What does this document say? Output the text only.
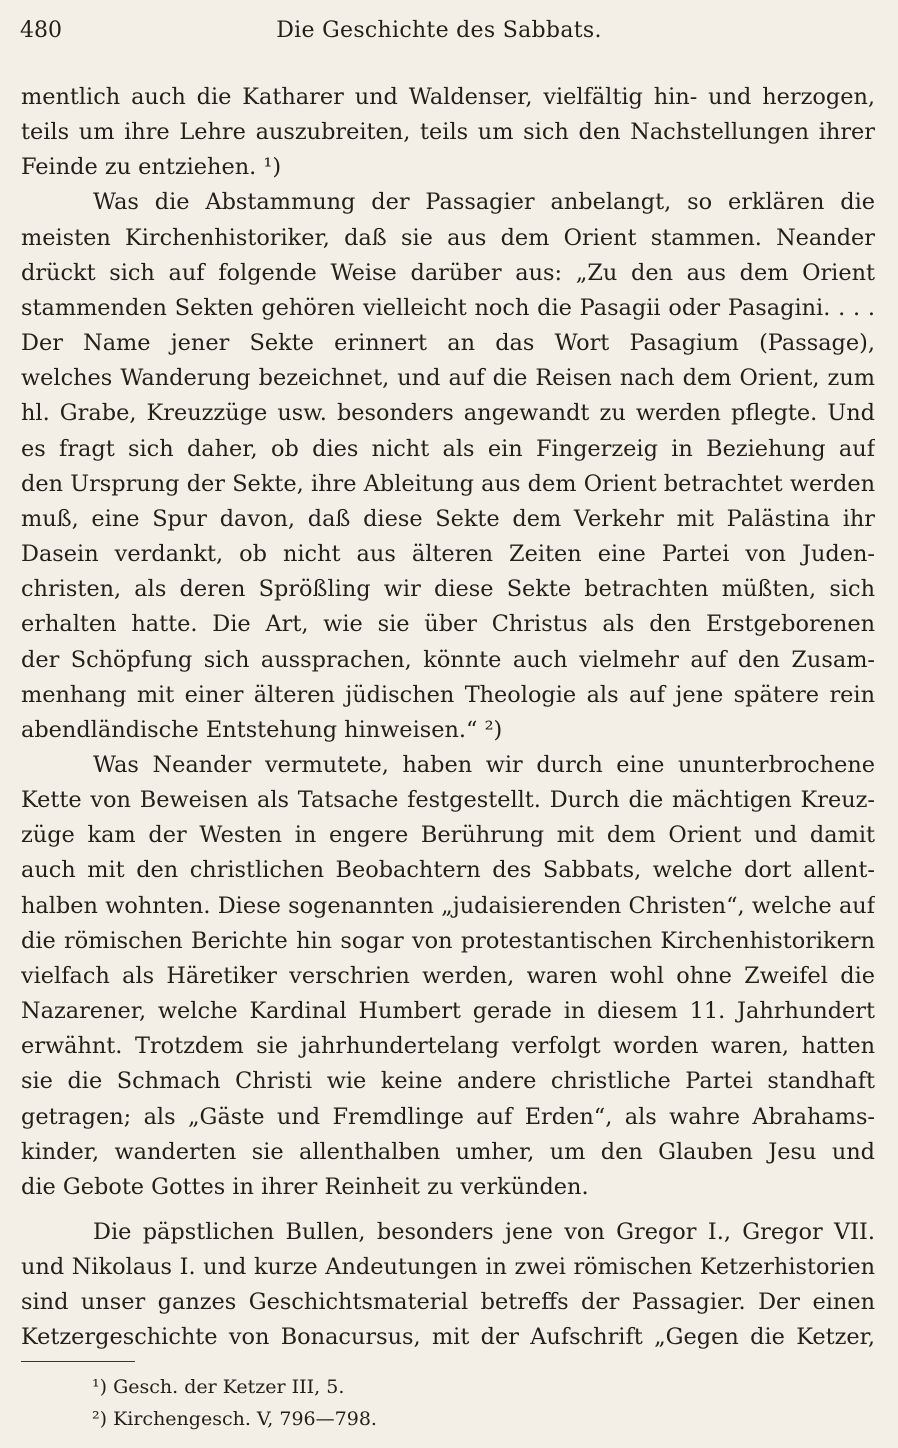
480	Die Geschichte des Sabbats.
mentlich auch die Katharer und Waldenser, vielfältig hin- und herzogen,
teils um ihre Lehre auszubreiten, teils um sich den Nachstellungen ihrer
Feinde zu entziehen. ¹)
Was die Abstammung der Passagier anbelangt, so erklären die
meisten Kirchenhistoriker, daß sie aus dem Orient stammen. Neander
drückt sich auf folgende Weise darüber aus: „Zu den aus dem Orient
stammenden Sekten gehören vielleicht noch die Pasagii oder Pasagini. . . .
Der Name jener Sekte erinnert an das Wort Pasagium (Passage),
welches Wanderung bezeichnet, und auf die Reisen nach dem Orient, zum
hl. Grabe, Kreuzzüge usw. besonders angewandt zu werden pflegte. Und
es fragt sich daher, ob dies nicht als ein Fingerzeig in Beziehung auf
den Ursprung der Sekte, ihre Ableitung aus dem Orient betrachtet werden
muß, eine Spur davon, daß diese Sekte dem Verkehr mit Palästina ihr
Dasein verdankt, ob nicht aus älteren Zeiten eine Partei von Juden-
christen, als deren Sprößling wir diese Sekte betrachten müßten, sich
erhalten hatte. Die Art, wie sie über Christus als den Erstgeborenen
der Schöpfung sich aussprachen, könnte auch vielmehr auf den Zusam-
menhang mit einer älteren jüdischen Theologie als auf jene spätere rein
abendländische Entstehung hinweisen.“ ²)
Was Neander vermutete, haben wir durch eine ununterbrochene
Kette von Beweisen als Tatsache festgestellt. Durch die mächtigen Kreuz-
züge kam der Westen in engere Berührung mit dem Orient und damit
auch mit den christlichen Beobachtern des Sabbats, welche dort allent-
halben wohnten. Diese sogenannten „judaisierenden Christen“, welche auf
die römischen Berichte hin sogar von protestantischen Kirchenhistorikern
vielfach als Häretiker verschrien werden, waren wohl ohne Zweifel die
Nazarener, welche Kardinal Humbert gerade in diesem 11. Jahrhundert
erwähnt. Trotzdem sie jahrhundertelang verfolgt worden waren, hatten
sie die Schmach Christi wie keine andere christliche Partei standhaft
getragen; als „Gäste und Fremdlinge auf Erden“, als wahre Abrahams-
kinder, wanderten sie allenthalben umher, um den Glauben Jesu und
die Gebote Gottes in ihrer Reinheit zu verkünden.
Die päpstlichen Bullen, besonders jene von Gregor I., Gregor VII.
und Nikolaus I. und kurze Andeutungen in zwei römischen Ketzerhistorien
sind unser ganzes Geschichtsmaterial betreffs der Passagier. Der einen
Ketzergeschichte von Bonacursus, mit der Aufschrift „Gegen die Ketzer,
¹) Gesch. der Ketzer III, 5.
²) Kirchengesch. V, 796—798.
